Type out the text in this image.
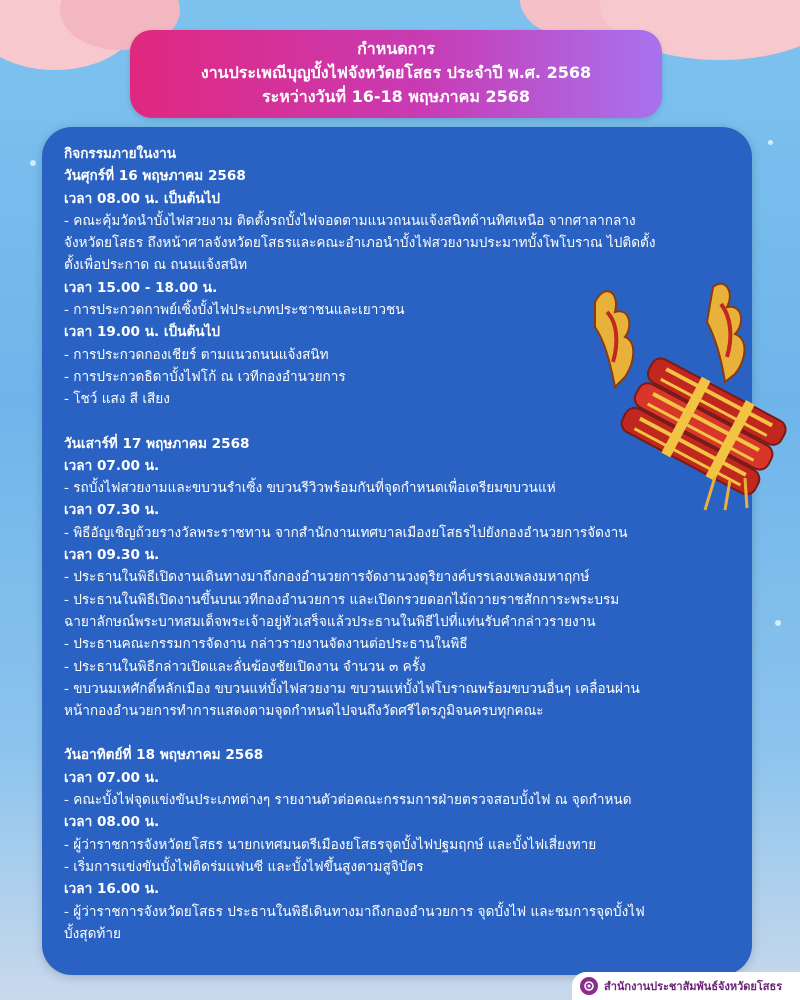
กำหนดการ
งานประเพณีบุญบั้งไฟจังหวัดยโสธร ประจำปี พ.ศ. 2568
ระหว่างวันที่ 16-18 พฤษภาคม 2568
กิจกรรมภายในงาน
วันศุกร์ที่ 16 พฤษภาคม 2568
เวลา 08.00 น. เป็นต้นไป
- คณะคุ้มวัดนำบั้งไฟสวยงาม ติดตั้งรถบั้งไฟจอดตามแนวถนนแจ้งสนิทด้านทิศเหนือ จากศาลากลาง
จังหวัดยโสธร ถึงหน้าศาลจังหวัดยโสธรและคณะอำเภอนำบั้งไฟสวยงามประมาทบั้งโพโบราณ ไปติดตั้ง
ตั้งเพื่อประกาด ณ ถนนแจ้งสนิท
เวลา 15.00 - 18.00 น.
- การประกวดกาพย์เซิ้งบั้งไฟประเภทประชาชนและเยาวชน
เวลา 19.00 น. เป็นต้นไป
- การประกวดกองเชียร์ ตามแนวถนนแจ้งสนิท
- การประกวดธิดาบั้งไฟโก้ ณ เวทีกองอำนวยการ
- โชว์ แสง สี เสียง
วันเสาร์ที่ 17 พฤษภาคม 2568
เวลา 07.00 น.
- รถบั้งไฟสวยงามและขบวนรำเซิ้ง ขบวนรีวิวพร้อมกันที่จุดกำหนดเพื่อเตรียมขบวนแห่
เวลา 07.30 น.
- พิธีอัญเชิญถ้วยรางวัลพระราชทาน จากสำนักงานเทศบาลเมืองยโสธรไปยังกองอำนวยการจัดงาน
เวลา 09.30 น.
- ประธานในพิธีเปิดงานเดินทางมาถึงกองอำนวยการจัดงานวงดุริยางค์บรรเลงเพลงมหาฤกษ์
- ประธานในพิธีเปิดงานขึ้นบนเวทีกองอำนวยการ และเปิดกรวยดอกไม้ถวายราชสักการะพระบรม
ฉายาลักษณ์พระบาทสมเด็จพระเจ้าอยู่หัวเสร็จแล้วประธานในพิธีไปที่แท่นรับคำกล่าวรายงาน
- ประธานคณะกรรมการจัดงาน กล่าวรายงานจัดงานต่อประธานในพิธี
- ประธานในพิธีกล่าวเปิดและลั่นฆ้องชัยเปิดงาน จำนวน ๓ ครั้ง
- ขบวนมเหศักดิ์หลักเมือง ขบวนแห่บั้งไฟสวยงาม ขบวนแห่บั้งไฟโบราณพร้อมขบวนอื่นๆ เคลื่อนผ่าน
หน้ากองอำนวยการทำการแสดงตามจุดกำหนดไปจนถึงวัดศรีไตรภูมิจนครบทุกคณะ
วันอาทิตย์ที่ 18 พฤษภาคม 2568
เวลา 07.00 น.
- คณะบั้งไฟจุดแข่งขันประเภทต่างๆ รายงานตัวต่อคณะกรรมการฝ่ายตรวจสอบบั้งไฟ ณ จุดกำหนด
เวลา 08.00 น.
- ผู้ว่าราชการจังหวัดยโสธร นายกเทศมนตรีเมืองยโสธรจุดบั้งไฟปฐมฤกษ์ และบั้งไฟเสี่ยงทาย
- เริ่มการแข่งขันบั้งไฟติดร่มแฟนซี และบั้งไฟขึ้นสูงตามสูจิบัตร
เวลา 16.00 น.
- ผู้ว่าราชการจังหวัดยโสธร ประธานในพิธีเดินทางมาถึงกองอำนวยการ จุดบั้งไฟ และชมการจุดบั้งไฟ
บั้งสุดท้าย
สำนักงานประชาสัมพันธ์จังหวัดยโสธร
